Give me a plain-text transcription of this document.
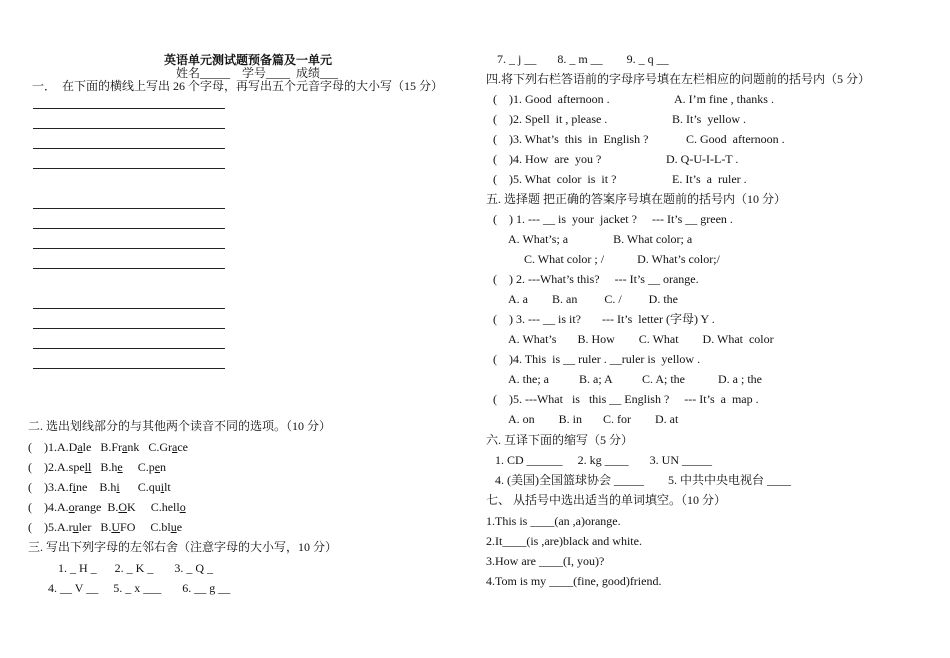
英语单元测试题预备篇及一单元
姓名_____    学号____  成绩___
一．  在下面的横线上写出 26 个字母，再写出五个元音字母的大小写（15 分）
二. 选出划线部分的与其他两个读音不同的选项。（10 分）
(    )1.A.Dale B.Frank C.Grace
(    )2.A.spell B.he C.pen
(    )3.A.fine B.hi C.quilt
(    )4.A.orange B.OK C.hello
(    )5.A.ruler B.UFO C.blue
三. 写出下列字母的左邻右舍（注意字母的大小写，10 分）
1. _ H _      2. _ K _       3. _ Q _
4. __ V __     5. _ x ___       6. __ g __
7. _ j __       8. _ m __        9. _ q __
四.将下列右栏答语前的字母序号填在左栏相应的问题前的括号内（5 分）
(    )1. Good  afternoon .	A. I’m fine , thanks .
(    )2. Spell  it , please .	B. It’s  yellow .
(    )3. What’s  this  in  English ?	C. Good  afternoon .
(    )4. How  are  you ?	D. Q-U-I-L-T .
(    )5. What  color  is  it ?	E. It’s  a  ruler .
五. 选择题 把正确的答案序号填在题前的括号内（10 分）
(    ) 1. --- __ is  your  jacket ?     --- It’s __ green .
A. What’s; a               B. What color; a
C. What color ; /           D. What’s color;/
(    ) 2. ---What’s this?     --- It’s __ orange.
A. a        B. an         C. /         D. the
(    ) 3. --- __ is it?       --- It’s  letter (字母) Y .
A. What’s       B. How        C. What        D. What  color
(    )4. This  is __ ruler . __ruler is  yellow .
A. the; a          B. a; A          C. A; the           D. a ; the
(    )5. ---What   is   this __ English ?     --- It’s  a  map .
A. on        B. in       C. for        D. at
六. 互译下面的缩写（5 分）
1. CD ______     2. kg ____       3. UN _____
4. (美国)全国篮球协会 _____        5. 中共中央电视台 ____
七、 从括号中选出适当的单词填空。（10 分）
1.This is ____(an ,a)orange.
2.It____(is ,are)black and white.
3.How are ____(I, you)?
4.Tom is my ____(fine, good)friend.
